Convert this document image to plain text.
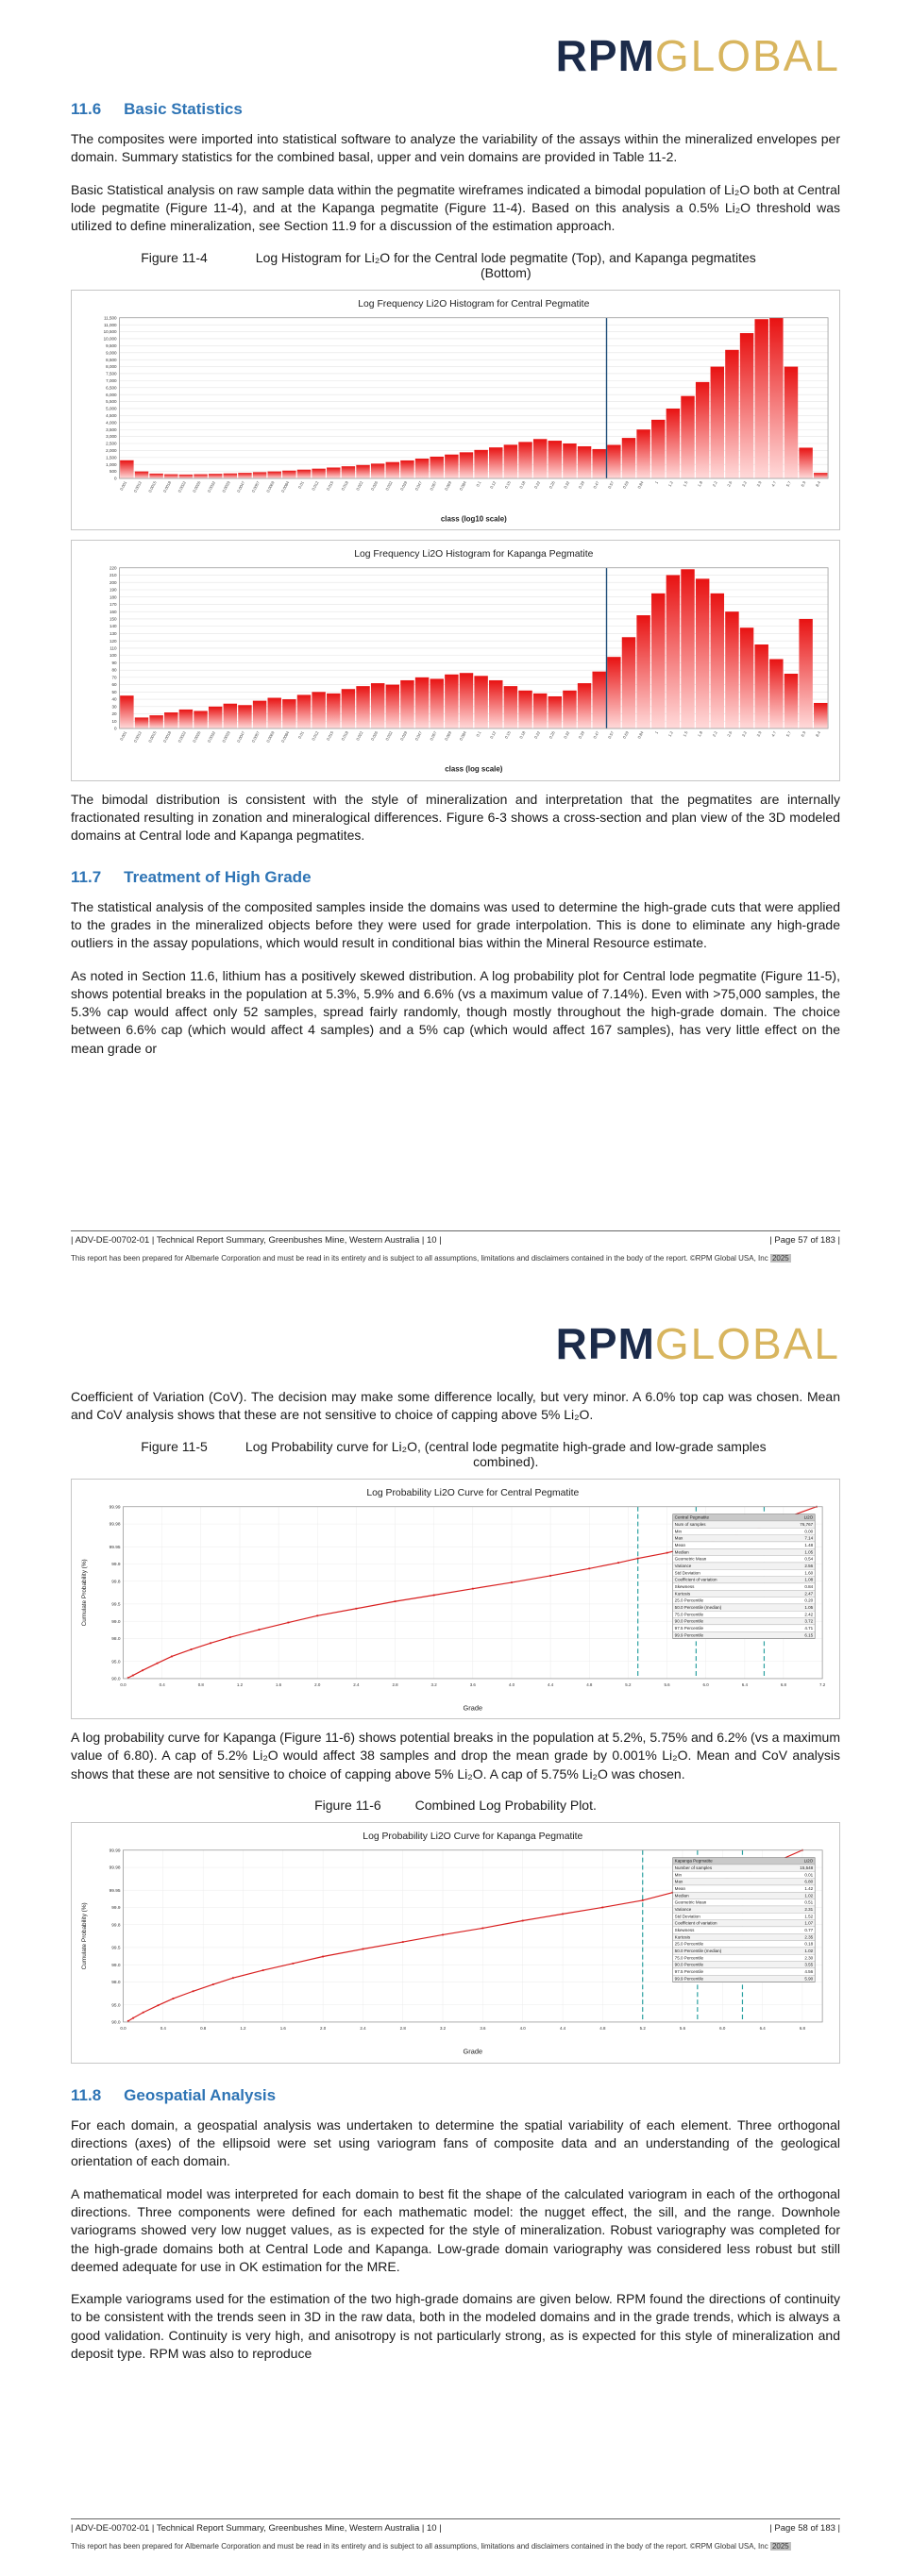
RPMGLOBAL
11.6 Basic Statistics

The composites were imported into statistical software to analyze the variability of the assays within the mineralized envelopes per domain. Summary statistics for the combined basal, upper and vein domains are provided in Table 11-2.

Basic Statistical analysis on raw sample data within the pegmatite wireframes indicated a bimodal population of Li₂O both at Central lode pegmatite (Figure 11-4), and at the Kapanga pegmatite (Figure 11-4). Based on this analysis a 0.5% Li₂O threshold was utilized to define mineralization, see Section 11.9 for a discussion of the estimation approach.

Figure 11-4	Log Histogram for Li₂O for the Central lode pegmatite (Top), and Kapanga pegmatites (Bottom)
Log Frequency Li2O Histogram for Central Pegmatite
0
500
1,000
1,500
2,000
2,500
3,000
3,500
4,000
4,500
5,000
5,500
6,000
6,500
7,000
7,500
8,000
8,500
9,000
9,500
10,000
10,500
11,000
11,500
0.001 0.0012 0.0015 0.0018 0.0022 0.0026 0.0032 0.0039 0.0047 0.0057 0.0069 0.0084 0.01 0.012 0.015 0.018 0.022 0.026 0.032 0.039 0.047 0.057 0.069 0.084 0.1 0.12 0.15 0.18 0.22 0.26 0.32 0.39 0.47 0.57 0.69 0.84 1 1.2 1.5 1.8 2.2 2.6 3.2 3.9 4.7 5.7 6.9 8.4
class (log10 scale)
Log Frequency Li2O Histogram for Kapanga Pegmatite
0
10
20
30
40
50
60
70
80
90
100
110
120
130
140
150
160
170
180
190
200
210
220
0.001 0.0012 0.0015 0.0018 0.0022 0.0026 0.0032 0.0039 0.0047 0.0057 0.0069 0.0084 0.01 0.012 0.015 0.018 0.022 0.026 0.032 0.039 0.047 0.057 0.069 0.084 0.1 0.12 0.15 0.18 0.22 0.26 0.32 0.39 0.47 0.57 0.69 0.84 1 1.2 1.5 1.8 2.2 2.6 3.2 3.9 4.7 5.7 6.9 8.4
class (log scale)

The bimodal distribution is consistent with the style of mineralization and interpretation that the pegmatites are internally fractionated resulting in zonation and mineralogical differences. Figure 6-3 shows a cross-section and plan view of the 3D modeled domains at Central lode and Kapanga pegmatites.

11.7 Treatment of High Grade

The statistical analysis of the composited samples inside the domains was used to determine the high-grade cuts that were applied to the grades in the mineralized objects before they were used for grade interpolation. This is done to eliminate any high-grade outliers in the assay populations, which would result in conditional bias within the Mineral Resource estimate.

As noted in Section 11.6, lithium has a positively skewed distribution. A log probability plot for Central lode pegmatite (Figure 11-5), shows potential breaks in the population at 5.3%, 5.9% and 6.6% (vs a maximum value of 7.14%). Even with >75,000 samples, the 5.3% cap would affect only 52 samples, spread fairly randomly, though mostly throughout the high-grade domain. The choice between 6.6% cap (which would affect 4 samples) and a 5% cap (which would affect 167 samples), has very little effect on the mean grade or

| ADV-DE-00702-01 | Technical Report Summary, Greenbushes Mine, Western Australia | 10 |	| Page 57 of 183 |
This report has been prepared for Albemarle Corporation and must be read in its entirety and is subject to all assumptions, limitations and disclaimers contained in the body of the report. ©RPM Global USA, Inc 2025
RPMGLOBAL

Coefficient of Variation (CoV). The decision may make some difference locally, but very minor. A 6.0% top cap was chosen. Mean and CoV analysis shows that these are not sensitive to choice of capping above 5% Li₂O.

Figure 11-5	Log Probability curve for Li₂O, (central lode pegmatite high-grade and low-grade samples combined).
Log Probability Li2O Curve for Central Pegmatite
0.0	0.4	0.8	1.2	1.6	2.0	2.4	2.8	3.2	3.6	4.0	4.4	4.8	5.2	5.6	6.0	6.4	6.8	7.2
90.0
95.0
98.0
99.0
99.5
99.8
99.9
99.95
99.98
99.99
Central Pegmatite	Li2O
Num of samples	76,767
Min	0.00
Max	7.14
Mean	1.48
Median	1.05
Geometric Mean	0.54
Variance	2.56
Std Deviation	1.60
Coefficient of variation	1.08
Skewness	0.84
Kurtosis	2.47
25.0 Percentile	0.20
50.0 Percentile (median)	1.05
75.0 Percentile	2.42
90.0 Percentile	3.72
97.5 Percentile	4.71
99.9 Percentile	6.15
Cumulate Probability (%)
Grade

A log probability curve for Kapanga (Figure 11-6) shows potential breaks in the population at 5.2%, 5.75% and 6.2% (vs a maximum value of 6.80). A cap of 5.2% Li₂O would affect 38 samples and drop the mean grade by 0.001% Li₂O. Mean and CoV analysis shows that these are not sensitive to choice of capping above 5% Li₂O. A cap of 5.75% Li₂O was chosen.

Figure 11-6	Combined Log Probability Plot.
Log Probability Li2O Curve for Kapanga Pegmatite
0.0	0.4	0.8	1.2	1.6	2.0	2.4	2.8	3.2	3.6	4.0	4.4	4.8	5.2	5.6	6.0	6.4	6.8
90.0
95.0
98.0
99.0
99.5
99.8
99.9
99.95
99.98
99.99
Kapanga Pegmatite	Li2O
Number of samples	15,548
Min	0.01
Max	6.80
Mean	1.42
Median	1.02
Geometric Mean	0.51
Variance	2.31
Std Deviation	1.52
Coefficient of variation	1.07
Skewness	0.77
Kurtosis	2.35
25.0 Percentile	0.18
50.0 Percentile (median)	1.02
75.0 Percentile	2.30
90.0 Percentile	3.55
97.5 Percentile	4.56
99.9 Percentile	5.90
Cumulate Probability (%)
Grade
11.8 Geospatial Analysis

For each domain, a geospatial analysis was undertaken to determine the spatial variability of each element. Three orthogonal directions (axes) of the ellipsoid were set using variogram fans of composite data and an understanding of the geological orientation of each domain.

A mathematical model was interpreted for each domain to best fit the shape of the calculated variogram in each of the orthogonal directions. Three components were defined for each mathematic model: the nugget effect, the sill, and the range. Downhole variograms showed very low nugget values, as is expected for the style of mineralization. Robust variography was completed for the high-grade domains both at Central Lode and Kapanga. Low-grade domain variography was considered less robust but still deemed adequate for use in OK estimation for the MRE.

Example variograms used for the estimation of the two high-grade domains are given below. RPM found the directions of continuity to be consistent with the trends seen in 3D in the raw data, both in the modeled domains and in the grade trends, which is always a good validation. Continuity is very high, and anisotropy is not particularly strong, as is expected for this style of mineralization and deposit type. RPM was also to reproduce

| ADV-DE-00702-01 | Technical Report Summary, Greenbushes Mine, Western Australia | 10 |	| Page 58 of 183 |
This report has been prepared for Albemarle Corporation and must be read in its entirety and is subject to all assumptions, limitations and disclaimers contained in the body of the report. ©RPM Global USA, Inc 2025
